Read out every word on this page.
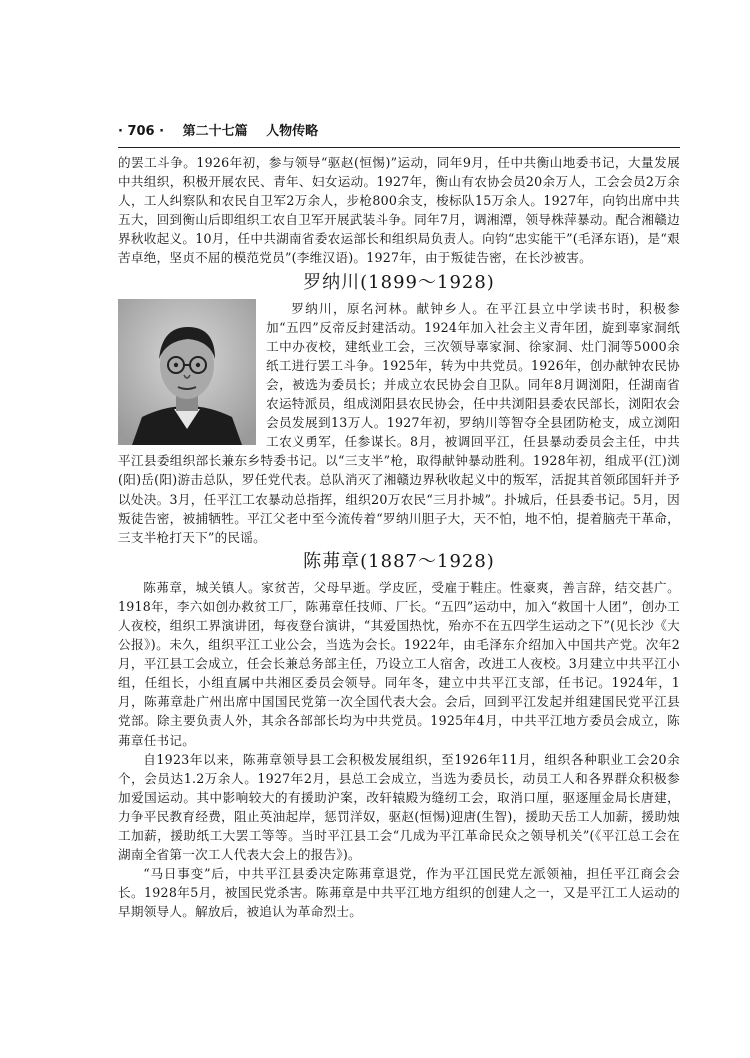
· 706 · 第二十七篇 人物传略

的罢工斗争。1926年初，参与领导“驱赵(恒惕)”运动，同年9月，任中共衡山地委书记，大量发展中共组织，积极开展农民、青年、妇女运动。1927年，衡山有农协会员20余万人，工会会员2万余人，工人纠察队和农民自卫军2万余人，步枪800余支，梭标队15万余人。1927年，向钧出席中共五大，回到衡山后即组织工农自卫军开展武装斗争。同年7月，调湘潭，领导株萍暴动。配合湘赣边界秋收起义。10月，任中共湖南省委农运部长和组织局负责人。向钧“忠实能干”(毛泽东语)，是“艰苦卓绝，坚贞不屈的模范党员”(李维汉语)。1927年，由于叛徒告密，在长沙被害。

罗纳川(1899～1928)

罗纳川，原名河林。献钟乡人。在平江县立中学读书时，积极参加“五四”反帝反封建活动。1924年加入社会主义青年团，旋到辜家洞纸工中办夜校，建纸业工会，三次领导辜家洞、徐家洞、灶门洞等5000余纸工进行罢工斗争。1925年，转为中共党员。1926年，创办献钟农民协会，被选为委员长；并成立农民协会自卫队。同年8月调浏阳，任湖南省农运特派员，组成浏阳县农民协会，任中共浏阳县委农民部长，浏阳农会会员发展到13万人。1927年初，罗纳川等智夺全县团防枪支，成立浏阳工农义勇军，任参谋长。8月，被调回平江，任县暴动委员会主任，中共平江县委组织部长兼东乡特委书记。以“三支半”枪，取得献钟暴动胜利。1928年初，组成平(江)浏(阳)岳(阳)游击总队，罗任党代表。总队消灭了湘赣边界秋收起义中的叛军，活捉其首领邱国轩并予以处决。3月，任平江工农暴动总指挥，组织20万农民“三月扑城”。扑城后，任县委书记。5月，因叛徒告密，被捕牺牲。平江父老中至今流传着“罗纳川胆子大，天不怕，地不怕，提着脑壳干革命，三支半枪打天下”的民谣。

陈茀章(1887～1928)

陈茀章，城关镇人。家贫苦，父母早逝。学皮匠，受雇于鞋庄。性豪爽，善言辞，结交甚广。1918年，李六如创办救贫工厂，陈茀章任技师、厂长。“五四”运动中，加入“救国十人团”，创办工人夜校，组织工界演讲团，每夜登台演讲，“其爱国热忱，殆亦不在五四学生运动之下”(见长沙《大公报》)。未久，组织平江工业公会，当选为会长。1922年，由毛泽东介绍加入中国共产党。次年2月，平江县工会成立，任会长兼总务部主任，乃设立工人宿舍，改进工人夜校。3月建立中共平江小组，任组长，小组直属中共湘区委员会领导。同年冬，建立中共平江支部，任书记。1924年，1月，陈茀章赴广州出席中国国民党第一次全国代表大会。会后，回到平江发起并组建国民党平江县党部。除主要负责人外，其余各部部长均为中共党员。1925年4月，中共平江地方委员会成立，陈茀章任书记。

自1923年以来，陈茀章领导县工会积极发展组织，至1926年11月，组织各种职业工会20余个，会员达1.2万余人。1927年2月，县总工会成立，当选为委员长，动员工人和各界群众积极参加爱国运动。其中影响较大的有援助沪案，改轩辕殿为缝纫工会，取消口厘，驱逐厘金局长唐建，力争平民教育经费，阻止英油起岸，惩罚洋奴，驱赵(恒惕)迎唐(生智)，援助天岳工人加薪，援助烛工加薪，援助纸工大罢工等等。当时平江县工会“几成为平江革命民众之领导机关”(《平江总工会在湖南全省第一次工人代表大会上的报告》)。

“马日事变”后，中共平江县委决定陈茀章退党，作为平江国民党左派领袖，担任平江商会会长。1928年5月，被国民党杀害。陈茀章是中共平江地方组织的创建人之一，又是平江工人运动的早期领导人。解放后，被追认为革命烈士。
